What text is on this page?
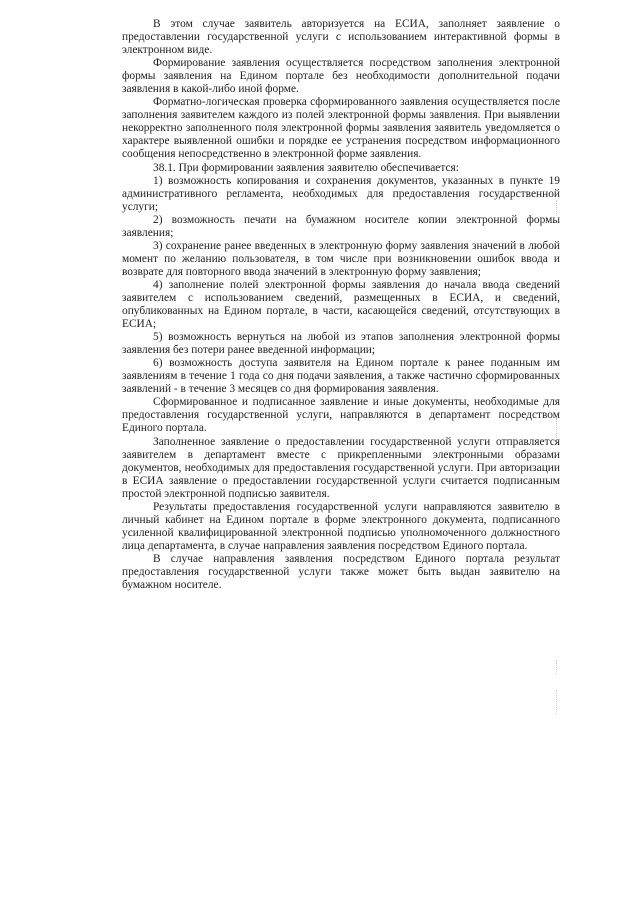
В этом случае заявитель авторизуется на ЕСИА, заполняет заявление о предоставлении государственной услуги с использованием интерактивной формы в электронном виде.

Формирование заявления осуществляется посредством заполнения электронной формы заявления на Едином портале без необходимости дополнительной подачи заявления в какой-либо иной форме.

Форматно-логическая проверка сформированного заявления осуществляется после заполнения заявителем каждого из полей электронной формы заявления. При выявлении некорректно заполненного поля электронной формы заявления заявитель уведомляется о характере выявленной ошибки и порядке ее устранения посредством информационного сообщения непосредственно в электронной форме заявления.

38.1. При формировании заявления заявителю обеспечивается:

1) возможность копирования и сохранения документов, указанных в пункте 19 административного регламента, необходимых для предоставления государственной услуги;

2) возможность печати на бумажном носителе копии электронной формы заявления;

3) сохранение ранее введенных в электронную форму заявления значений в любой момент по желанию пользователя, в том числе при возникновении ошибок ввода и возврате для повторного ввода значений в электронную форму заявления;

4) заполнение полей электронной формы заявления до начала ввода сведений заявителем с использованием сведений, размещенных в ЕСИА, и сведений, опубликованных на Едином портале, в части, касающейся сведений, отсутствующих в ЕСИА;

5) возможность вернуться на любой из этапов заполнения электронной формы заявления без потери ранее введенной информации;

6) возможность доступа заявителя на Едином портале к ранее поданным им заявлениям в течение 1 года со дня подачи заявления, а также частично сформированных заявлений - в течение 3 месяцев со дня формирования заявления.

Сформированное и подписанное заявление и иные документы, необходимые для предоставления государственной услуги, направляются в департамент посредством Единого портала.

Заполненное заявление о предоставлении государственной услуги отправляется заявителем в департамент вместе с прикрепленными электронными образами документов, необходимых для предоставления государственной услуги. При авторизации в ЕСИА заявление о предоставлении государственной услуги считается подписанным простой электронной подписью заявителя.

Результаты предоставления государственной услуги направляются заявителю в личный кабинет на Едином портале в форме электронного документа, подписанного усиленной квалифицированной электронной подписью уполномоченного должностного лица департамента, в случае направления заявления посредством Единого портала.

В случае направления заявления посредством Единого портала результат предоставления государственной услуги также может быть выдан заявителю на бумажном носителе.
